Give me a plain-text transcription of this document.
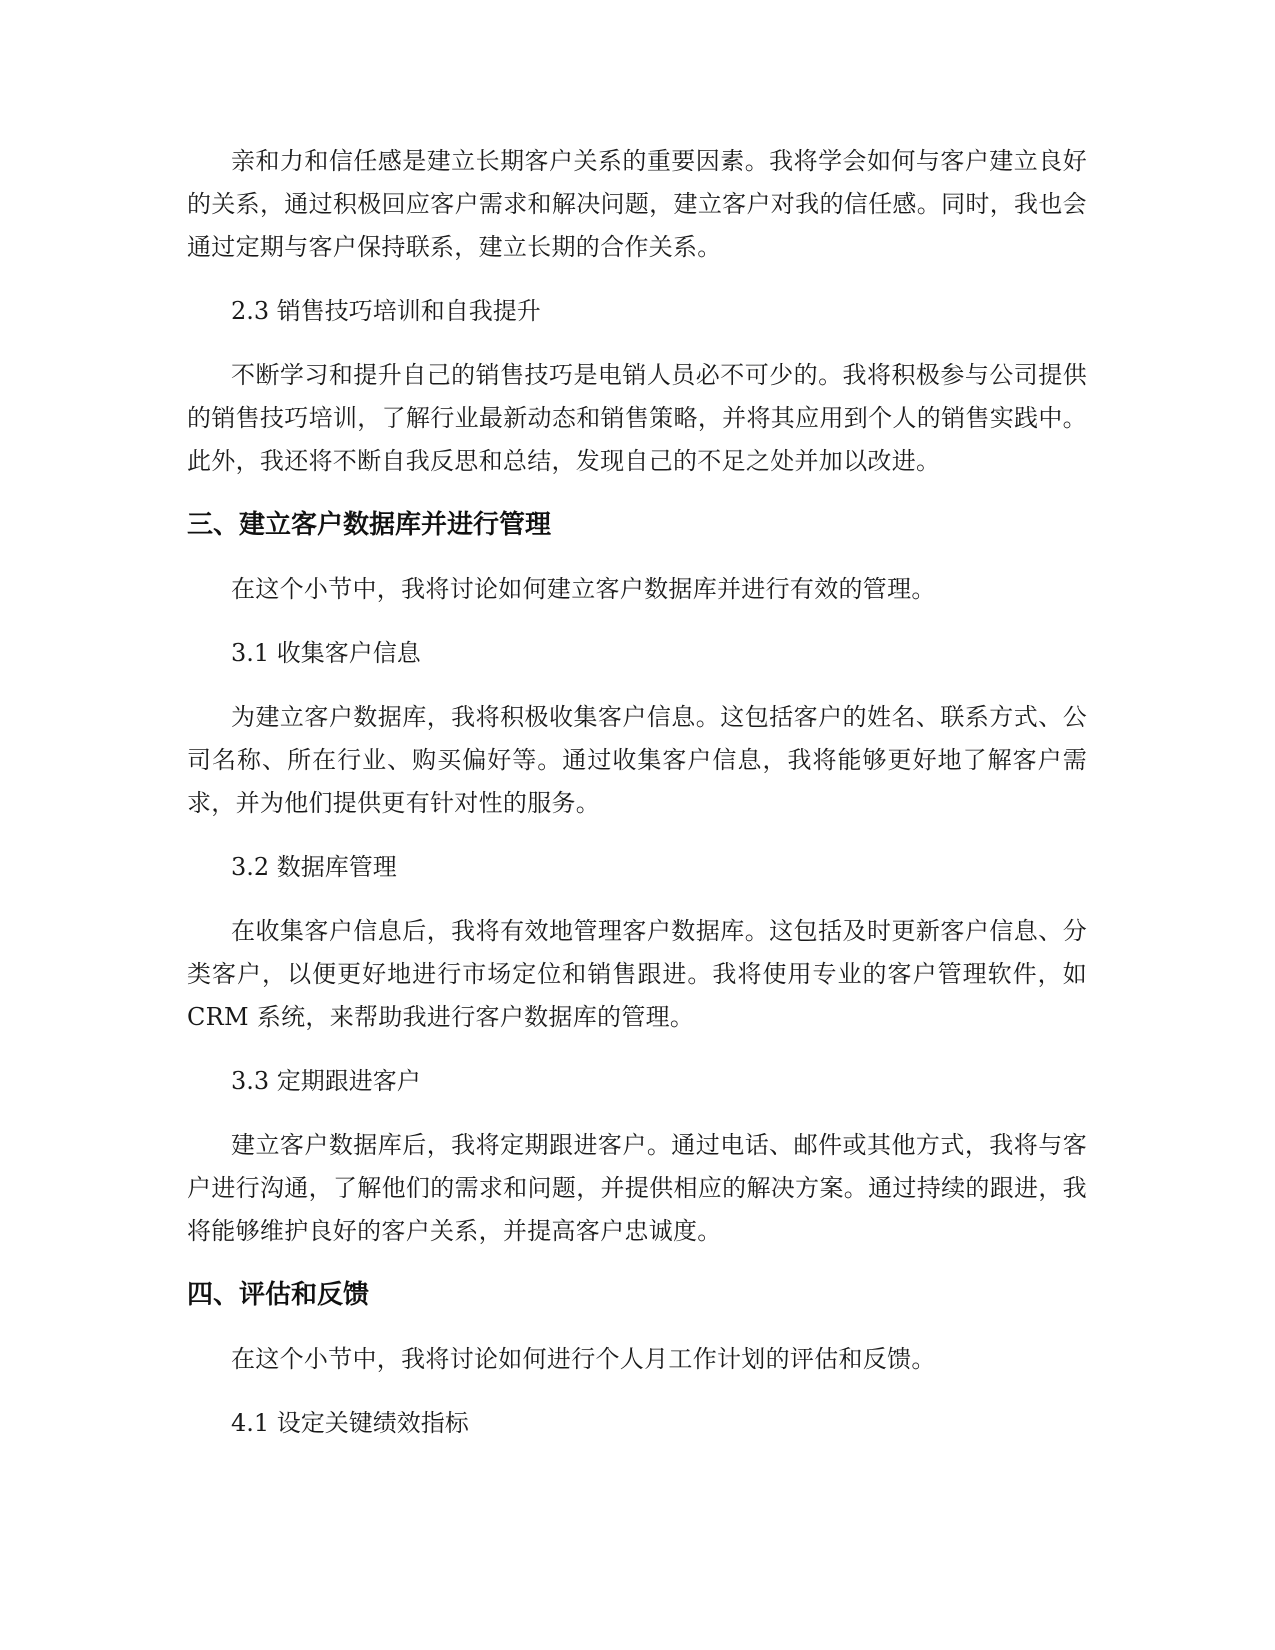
亲和力和信任感是建立长期客户关系的重要因素。我将学会如何与客户建立良好的关系，通过积极回应客户需求和解决问题，建立客户对我的信任感。同时，我也会通过定期与客户保持联系，建立长期的合作关系。

2.3 销售技巧培训和自我提升

不断学习和提升自己的销售技巧是电销人员必不可少的。我将积极参与公司提供的销售技巧培训，了解行业最新动态和销售策略，并将其应用到个人的销售实践中。此外，我还将不断自我反思和总结，发现自己的不足之处并加以改进。

三、建立客户数据库并进行管理

在这个小节中，我将讨论如何建立客户数据库并进行有效的管理。

3.1 收集客户信息

为建立客户数据库，我将积极收集客户信息。这包括客户的姓名、联系方式、公司名称、所在行业、购买偏好等。通过收集客户信息，我将能够更好地了解客户需求，并为他们提供更有针对性的服务。

3.2 数据库管理

在收集客户信息后，我将有效地管理客户数据库。这包括及时更新客户信息、分类客户，以便更好地进行市场定位和销售跟进。我将使用专业的客户管理软件，如 CRM 系统，来帮助我进行客户数据库的管理。

3.3 定期跟进客户

建立客户数据库后，我将定期跟进客户。通过电话、邮件或其他方式，我将与客户进行沟通，了解他们的需求和问题，并提供相应的解决方案。通过持续的跟进，我将能够维护良好的客户关系，并提高客户忠诚度。

四、评估和反馈

在这个小节中，我将讨论如何进行个人月工作计划的评估和反馈。

4.1 设定关键绩效指标
